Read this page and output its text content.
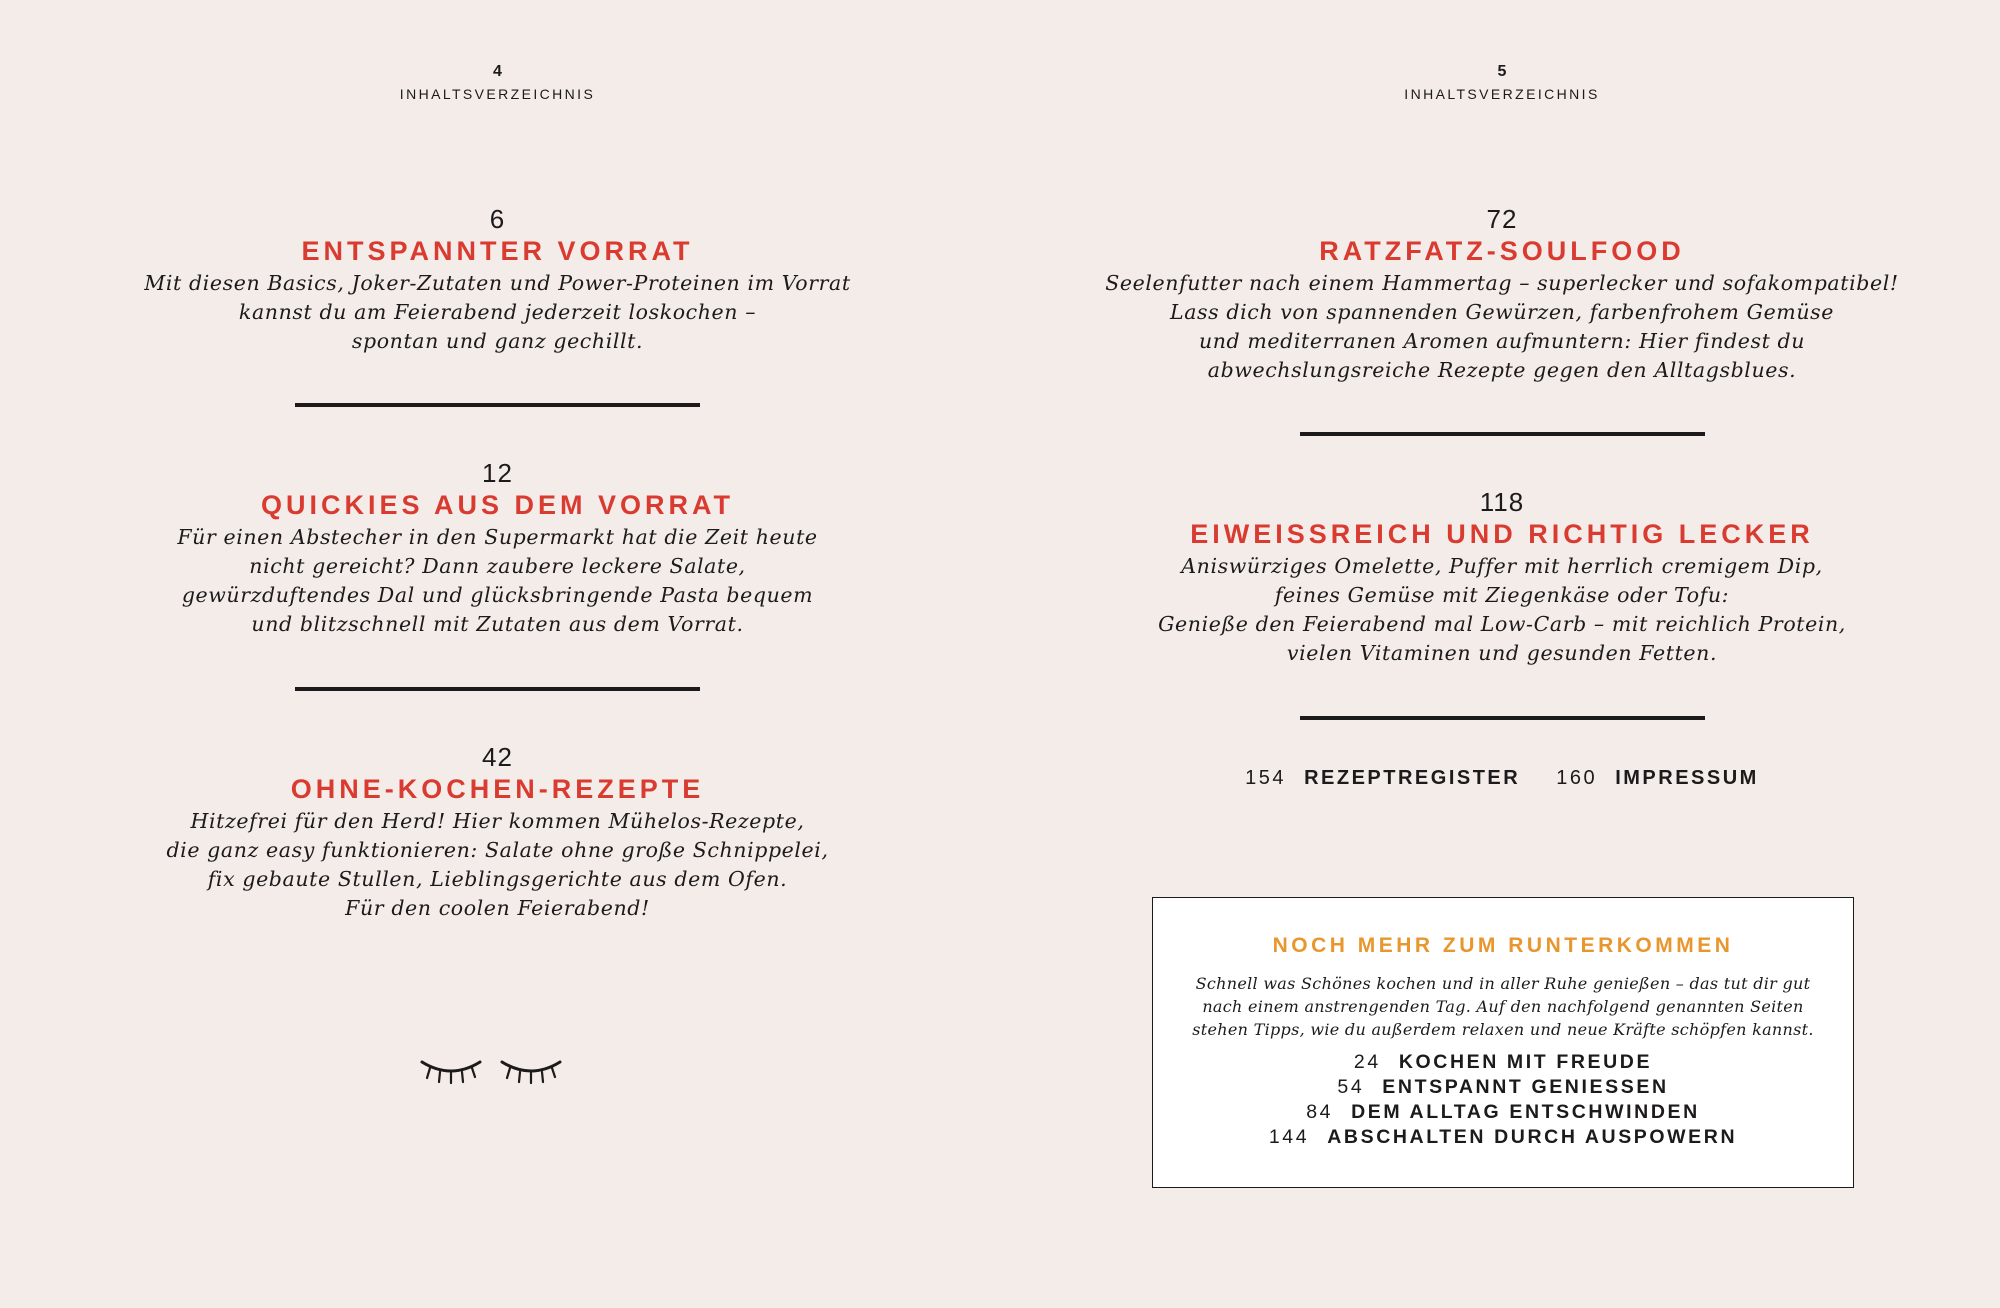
4
INHALTSVERZEICHNIS
6
ENTSPANNTER VORRAT
Mit diesen Basics, Joker-Zutaten und Power-Proteinen im Vorrat
kannst du am Feierabend jederzeit loskochen –
spontan und ganz gechillt.
12
QUICKIES AUS DEM VORRAT
Für einen Abstecher in den Supermarkt hat die Zeit heute
nicht gereicht? Dann zaubere leckere Salate,
gewürzduftendes Dal und glücksbringende Pasta bequem
und blitzschnell mit Zutaten aus dem Vorrat.
42
OHNE-KOCHEN-REZEPTE
Hitzefrei für den Herd! Hier kommen Mühelos-Rezepte,
die ganz easy funktionieren: Salate ohne große Schnippelei,
fix gebaute Stullen, Lieblingsgerichte aus dem Ofen.
Für den coolen Feierabend!
5
INHALTSVERZEICHNIS
72
RATZFATZ-SOULFOOD
Seelenfutter nach einem Hammertag – superlecker und sofakompatibel!
Lass dich von spannenden Gewürzen, farbenfrohem Gemüse
und mediterranen Aromen aufmuntern: Hier findest du
abwechslungsreiche Rezepte gegen den Alltagsblues.
118
EIWEISSREICH UND RICHTIG LECKER
Aniswürziges Omelette, Puffer mit herrlich cremigem Dip,
feines Gemüse mit Ziegenkäse oder Tofu:
Genieße den Feierabend mal Low-Carb – mit reichlich Protein,
vielen Vitaminen und gesunden Fetten.
154 REZEPTREGISTER 160 IMPRESSUM
NOCH MEHR ZUM RUNTERKOMMEN
Schnell was Schönes kochen und in aller Ruhe genießen – das tut dir gut
nach einem anstrengenden Tag. Auf den nachfolgend genannten Seiten
stehen Tipps, wie du außerdem relaxen und neue Kräfte schöpfen kannst.
24 KOCHEN MIT FREUDE
54 ENTSPANNT GENIESSEN
84 DEM ALLTAG ENTSCHWINDEN
144 ABSCHALTEN DURCH AUSPOWERN
